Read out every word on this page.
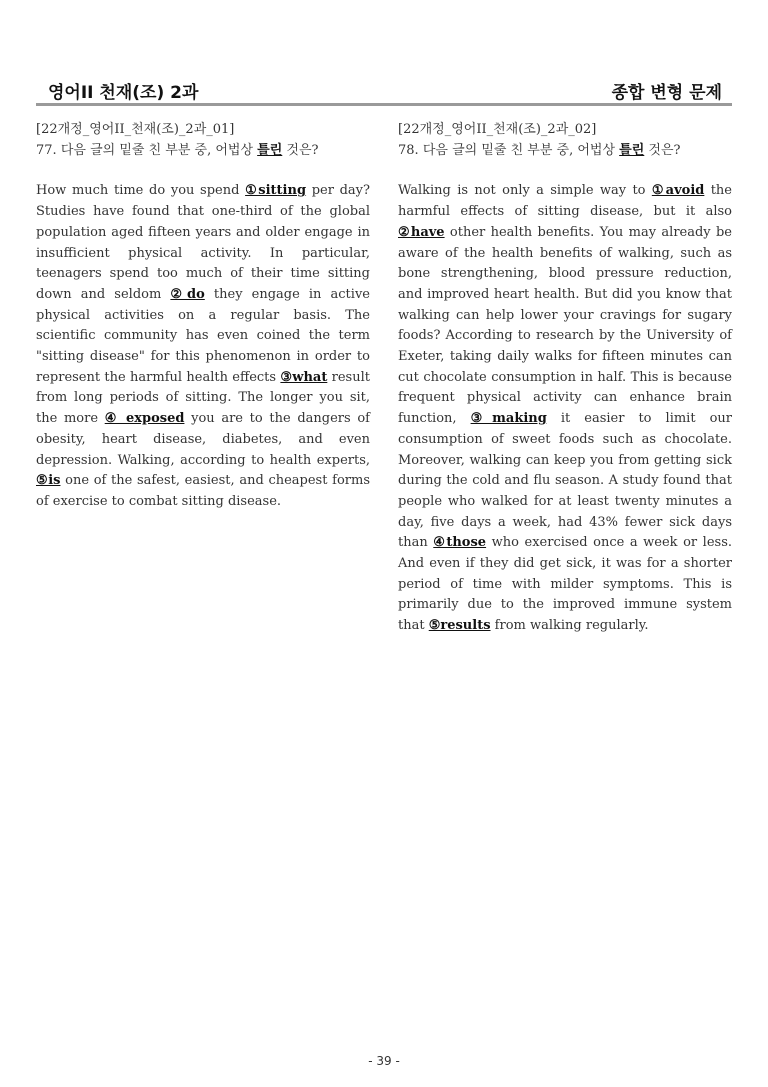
영어II 천재(조) 2과	종합 변형 문제
[22개정_영어II_천재(조)_2과_01]
77. 다음 글의 밑줄 친 부분 중, 어법상 틀린 것은?

How much time do you spend ①sitting per day? Studies have found that one-third of the global population aged fifteen years and older engage in insufficient physical activity. In particular, teenagers spend too much of their time sitting down and seldom ②do they engage in active physical activities on a regular basis. The scientific community has even coined the term "sitting disease" for this phenomenon in order to represent the harmful health effects ③what result from long periods of sitting. The longer you sit, the more ④ exposed you are to the dangers of obesity, heart disease, diabetes, and even depression. Walking, according to health experts, ⑤is one of the safest, easiest, and cheapest forms of exercise to combat sitting disease.

[22개정_영어II_천재(조)_2과_02]
78. 다음 글의 밑줄 친 부분 중, 어법상 틀린 것은?

Walking is not only a simple way to ①avoid the harmful effects of sitting disease, but it also ②have other health benefits. You may already be aware of the health benefits of walking, such as bone strengthening, blood pressure reduction, and improved heart health. But did you know that walking can help lower your cravings for sugary foods? According to research by the University of Exeter, taking daily walks for fifteen minutes can cut chocolate consumption in half. This is because frequent physical activity can enhance brain function, ③making it easier to limit our consumption of sweet foods such as chocolate. Moreover, walking can keep you from getting sick during the cold and flu season. A study found that people who walked for at least twenty minutes a day, five days a week, had 43% fewer sick days than ④those who exercised once a week or less. And even if they did get sick, it was for a shorter period of time with milder symptoms. This is primarily due to the improved immune system that ⑤results from walking regularly.

- 39 -
